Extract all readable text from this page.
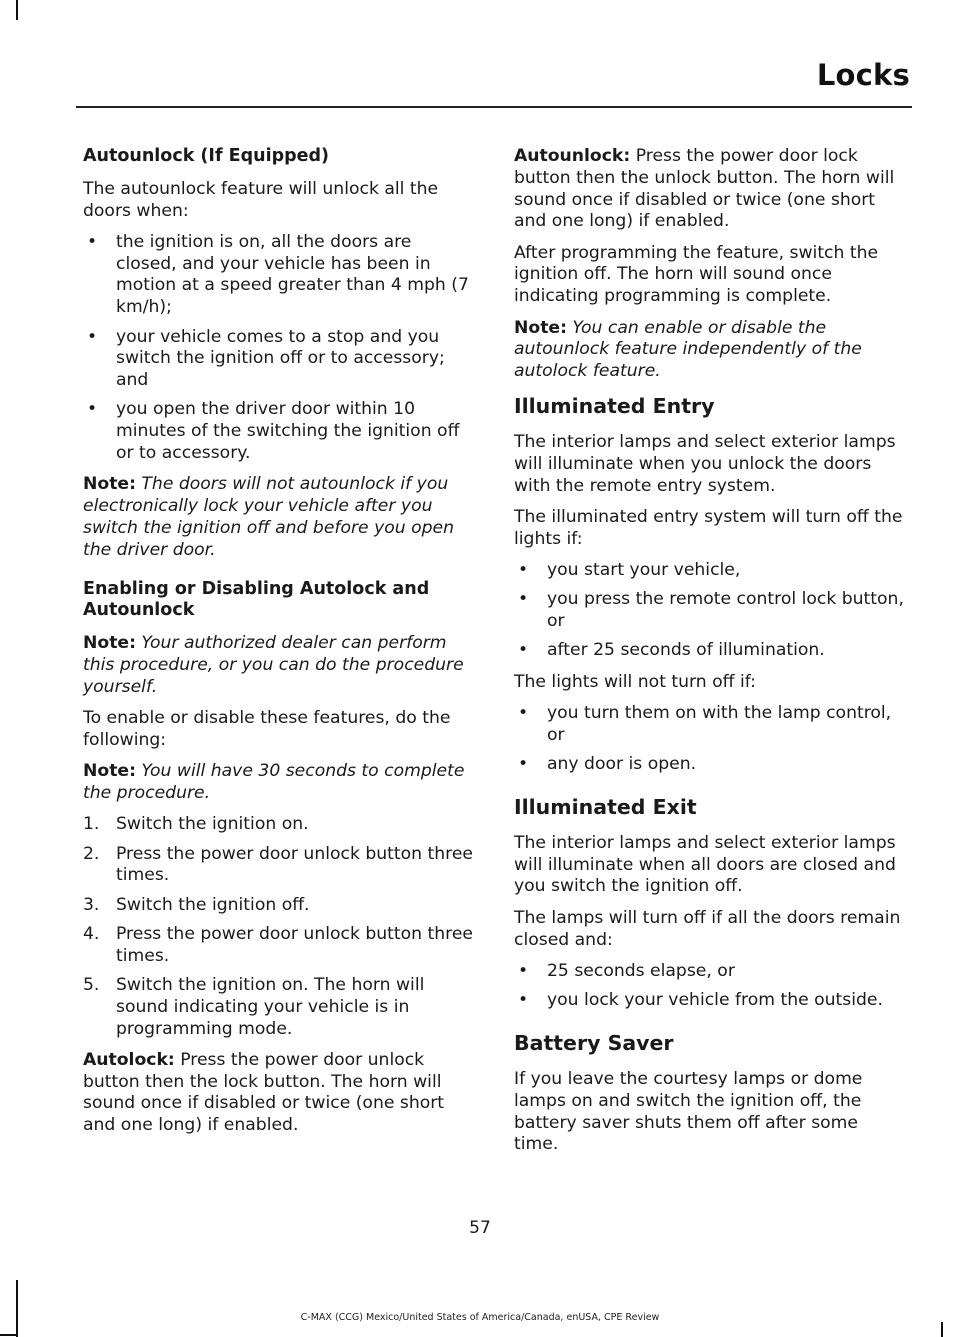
Locks
Autounlock (If Equipped)

The autounlock feature will unlock all the doors when:

• the ignition is on, all the doors are closed, and your vehicle has been in motion at a speed greater than 4 mph (7 km/h);
• your vehicle comes to a stop and you switch the ignition off or to accessory; and
• you open the driver door within 10 minutes of the switching the ignition off or to accessory.

Note: The doors will not autounlock if you electronically lock your vehicle after you switch the ignition off and before you open the driver door.

Enabling or Disabling Autolock and Autounlock

Note: Your authorized dealer can perform this procedure, or you can do the procedure yourself.

To enable or disable these features, do the following:

Note: You will have 30 seconds to complete the procedure.

1. Switch the ignition on.
2. Press the power door unlock button three times.
3. Switch the ignition off.
4. Press the power door unlock button three times.
5. Switch the ignition on. The horn will sound indicating your vehicle is in programming mode.

Autolock: Press the power door unlock button then the lock button. The horn will sound once if disabled or twice (one short and one long) if enabled.

Autounlock: Press the power door lock button then the unlock button. The horn will sound once if disabled or twice (one short and one long) if enabled.

After programming the feature, switch the ignition off. The horn will sound once indicating programming is complete.

Note: You can enable or disable the autounlock feature independently of the autolock feature.

Illuminated Entry

The interior lamps and select exterior lamps will illuminate when you unlock the doors with the remote entry system.

The illuminated entry system will turn off the lights if:

• you start your vehicle,
• you press the remote control lock button, or
• after 25 seconds of illumination.

The lights will not turn off if:

• you turn them on with the lamp control, or
• any door is open.
Illuminated Exit

The interior lamps and select exterior lamps will illuminate when all doors are closed and you switch the ignition off.

The lamps will turn off if all the doors remain closed and:

• 25 seconds elapse, or
• you lock your vehicle from the outside.
Battery Saver

If you leave the courtesy lamps or dome lamps on and switch the ignition off, the battery saver shuts them off after some time.

57
C-MAX (CCG) Mexico/United States of America/Canada, enUSA, CPE Review
